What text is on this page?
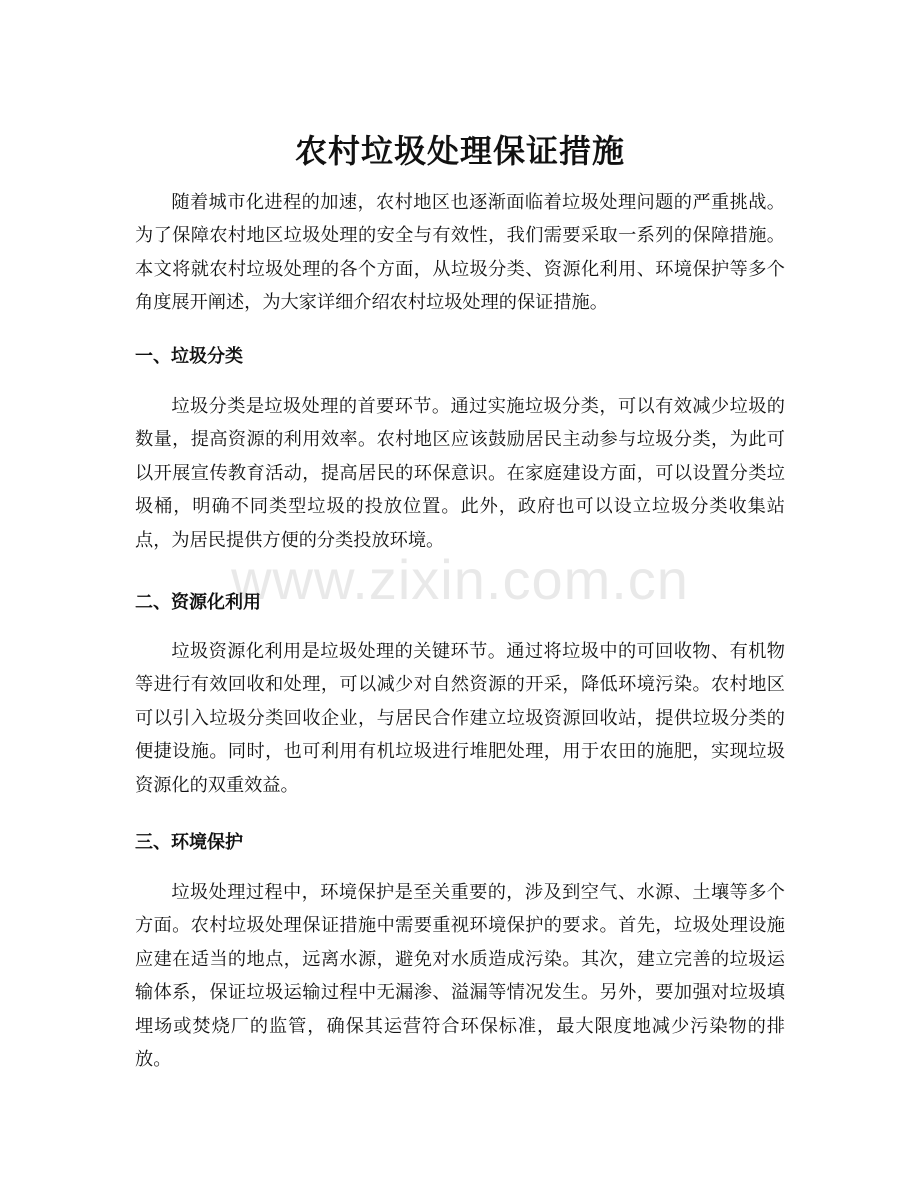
农村垃圾处理保证措施

随着城市化进程的加速，农村地区也逐渐面临着垃圾处理问题的严重挑战。为了保障农村地区垃圾处理的安全与有效性，我们需要采取一系列的保障措施。本文将就农村垃圾处理的各个方面，从垃圾分类、资源化利用、环境保护等多个角度展开阐述，为大家详细介绍农村垃圾处理的保证措施。

一、垃圾分类

垃圾分类是垃圾处理的首要环节。通过实施垃圾分类，可以有效减少垃圾的数量，提高资源的利用效率。农村地区应该鼓励居民主动参与垃圾分类，为此可以开展宣传教育活动，提高居民的环保意识。在家庭建设方面，可以设置分类垃圾桶，明确不同类型垃圾的投放位置。此外，政府也可以设立垃圾分类收集站点，为居民提供方便的分类投放环境。

二、资源化利用

垃圾资源化利用是垃圾处理的关键环节。通过将垃圾中的可回收物、有机物等进行有效回收和处理，可以减少对自然资源的开采，降低环境污染。农村地区可以引入垃圾分类回收企业，与居民合作建立垃圾资源回收站，提供垃圾分类的便捷设施。同时，也可利用有机垃圾进行堆肥处理，用于农田的施肥，实现垃圾资源化的双重效益。

三、环境保护

垃圾处理过程中，环境保护是至关重要的，涉及到空气、水源、土壤等多个方面。农村垃圾处理保证措施中需要重视环境保护的要求。首先，垃圾处理设施应建在适当的地点，远离水源，避免对水质造成污染。其次，建立完善的垃圾运输体系，保证垃圾运输过程中无漏渗、溢漏等情况发生。另外，要加强对垃圾填埋场或焚烧厂的监管，确保其运营符合环保标准，最大限度地减少污染物的排放。

www.zixin.com.cn
